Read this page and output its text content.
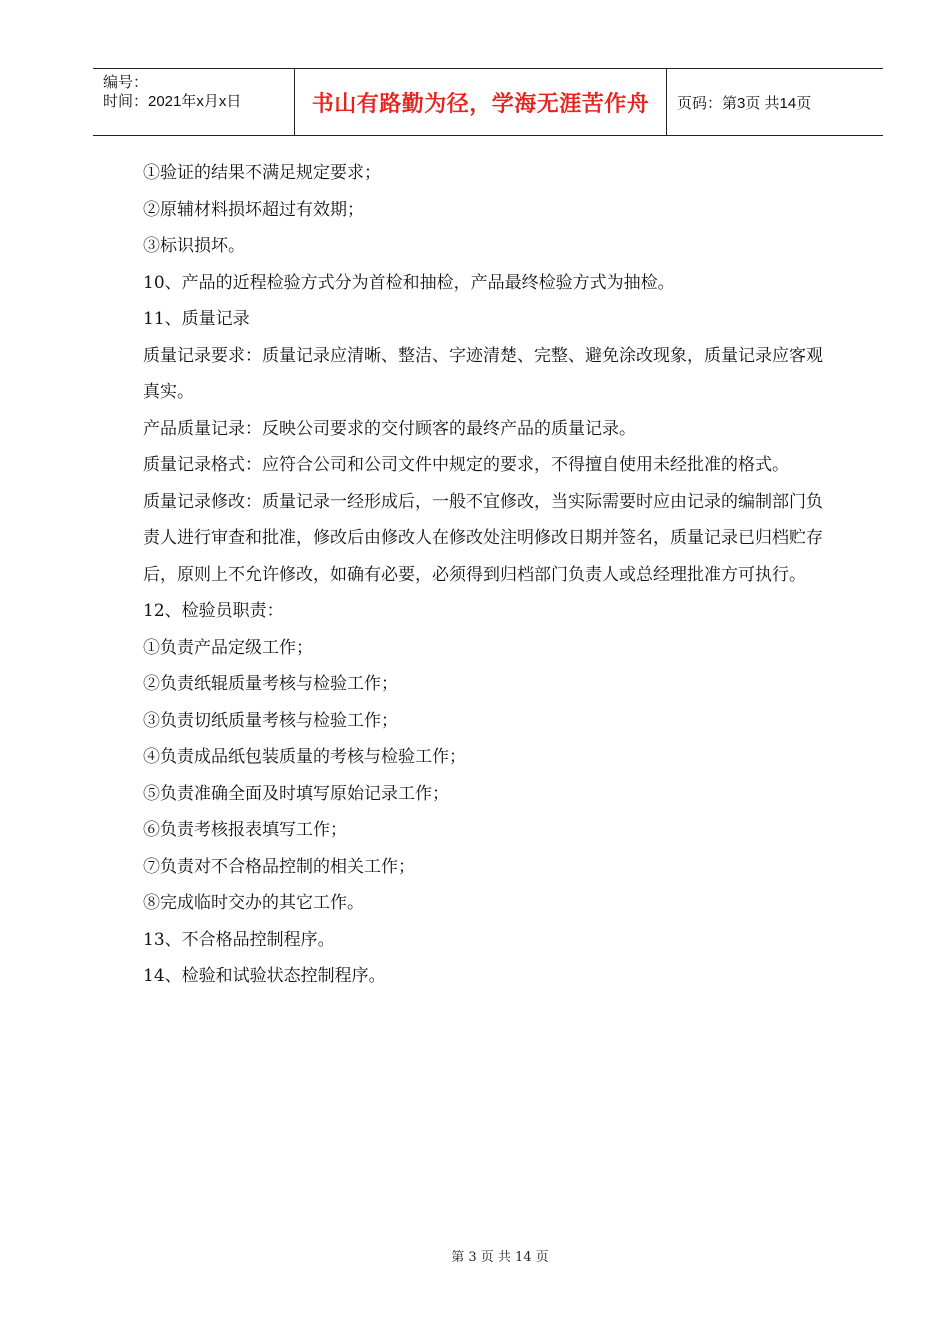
编号：
时间：2021年x月x日	书山有路勤为径，学海无涯苦作舟	页码：第3页 共14页

①验证的结果不满足规定要求；

②原辅材料损坏超过有效期；

③标识损坏。

10、产品的近程检验方式分为首检和抽检，产品最终检验方式为抽检。

11、质量记录

质量记录要求：质量记录应清晰、整洁、字迹清楚、完整、避免涂改现象，质量记录应客观真实。

产品质量记录：反映公司要求的交付顾客的最终产品的质量记录。

质量记录格式：应符合公司和公司文件中规定的要求，不得擅自使用未经批准的格式。

质量记录修改：质量记录一经形成后，一般不宜修改，当实际需要时应由记录的编制部门负责人进行审查和批准，修改后由修改人在修改处注明修改日期并签名，质量记录已归档贮存后，原则上不允许修改，如确有必要，必须得到归档部门负责人或总经理批准方可执行。

12、检验员职责：

①负责产品定级工作；

②负责纸辊质量考核与检验工作；

③负责切纸质量考核与检验工作；

④负责成品纸包装质量的考核与检验工作；

⑤负责准确全面及时填写原始记录工作；

⑥负责考核报表填写工作；

⑦负责对不合格品控制的相关工作；

⑧完成临时交办的其它工作。

13、不合格品控制程序。

14、检验和试验状态控制程序。

第 3 页 共 14 页
